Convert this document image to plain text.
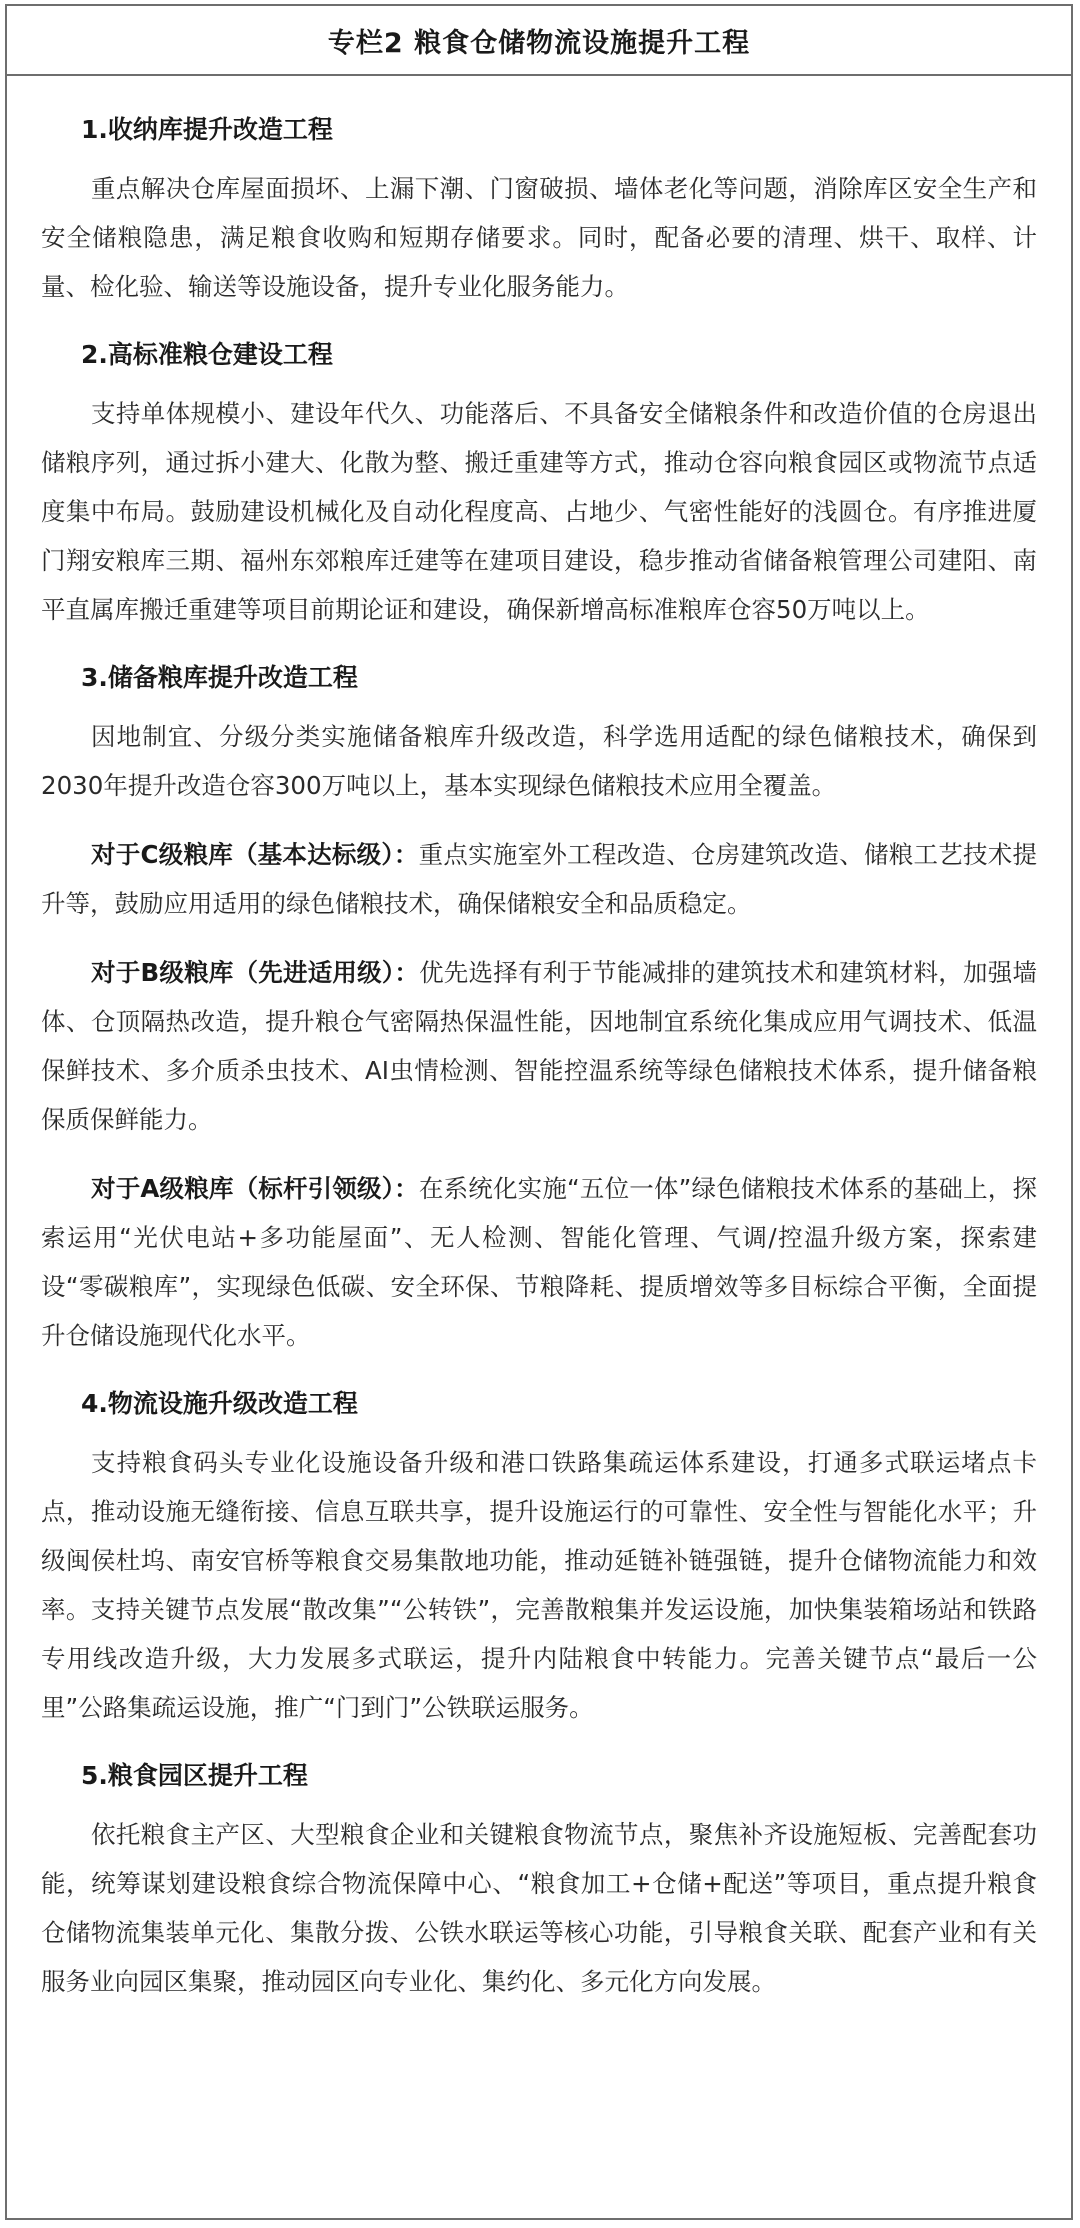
专栏2 粮食仓储物流设施提升工程
1.收纳库提升改造工程

重点解决仓库屋面损坏、上漏下潮、门窗破损、墙体老化等问题，消除库区安全生产和安全储粮隐患，满足粮食收购和短期存储要求。同时，配备必要的清理、烘干、取样、计量、检化验、输送等设施设备，提升专业化服务能力。

2.高标准粮仓建设工程

支持单体规模小、建设年代久、功能落后、不具备安全储粮条件和改造价值的仓房退出储粮序列，通过拆小建大、化散为整、搬迁重建等方式，推动仓容向粮食园区或物流节点适度集中布局。鼓励建设机械化及自动化程度高、占地少、气密性能好的浅圆仓。有序推进厦门翔安粮库三期、福州东郊粮库迁建等在建项目建设，稳步推动省储备粮管理公司建阳、南平直属库搬迁重建等项目前期论证和建设，确保新增高标准粮库仓容50万吨以上。

3.储备粮库提升改造工程

因地制宜、分级分类实施储备粮库升级改造，科学选用适配的绿色储粮技术，确保到2030年提升改造仓容300万吨以上，基本实现绿色储粮技术应用全覆盖。

对于C级粮库（基本达标级）：重点实施室外工程改造、仓房建筑改造、储粮工艺技术提升等，鼓励应用适用的绿色储粮技术，确保储粮安全和品质稳定。

对于B级粮库（先进适用级）：优先选择有利于节能减排的建筑技术和建筑材料，加强墙体、仓顶隔热改造，提升粮仓气密隔热保温性能，因地制宜系统化集成应用气调技术、低温保鲜技术、多介质杀虫技术、AI虫情检测、智能控温系统等绿色储粮技术体系，提升储备粮保质保鲜能力。

对于A级粮库（标杆引领级）：在系统化实施“五位一体”绿色储粮技术体系的基础上，探索运用“光伏电站+多功能屋面”、无人检测、智能化管理、气调/控温升级方案，探索建设“零碳粮库”，实现绿色低碳、安全环保、节粮降耗、提质增效等多目标综合平衡，全面提升仓储设施现代化水平。

4.物流设施升级改造工程

支持粮食码头专业化设施设备升级和港口铁路集疏运体系建设，打通多式联运堵点卡点，推动设施无缝衔接、信息互联共享，提升设施运行的可靠性、安全性与智能化水平；升级闽侯杜坞、南安官桥等粮食交易集散地功能，推动延链补链强链，提升仓储物流能力和效率。支持关键节点发展“散改集”“公转铁”，完善散粮集并发运设施，加快集装箱场站和铁路专用线改造升级，大力发展多式联运，提升内陆粮食中转能力。完善关键节点“最后一公里”公路集疏运设施，推广“门到门”公铁联运服务。

5.粮食园区提升工程

依托粮食主产区、大型粮食企业和关键粮食物流节点，聚焦补齐设施短板、完善配套功能，统筹谋划建设粮食综合物流保障中心、“粮食加工+仓储+配送”等项目，重点提升粮食仓储物流集装单元化、集散分拨、公铁水联运等核心功能，引导粮食关联、配套产业和有关服务业向园区集聚，推动园区向专业化、集约化、多元化方向发展。
